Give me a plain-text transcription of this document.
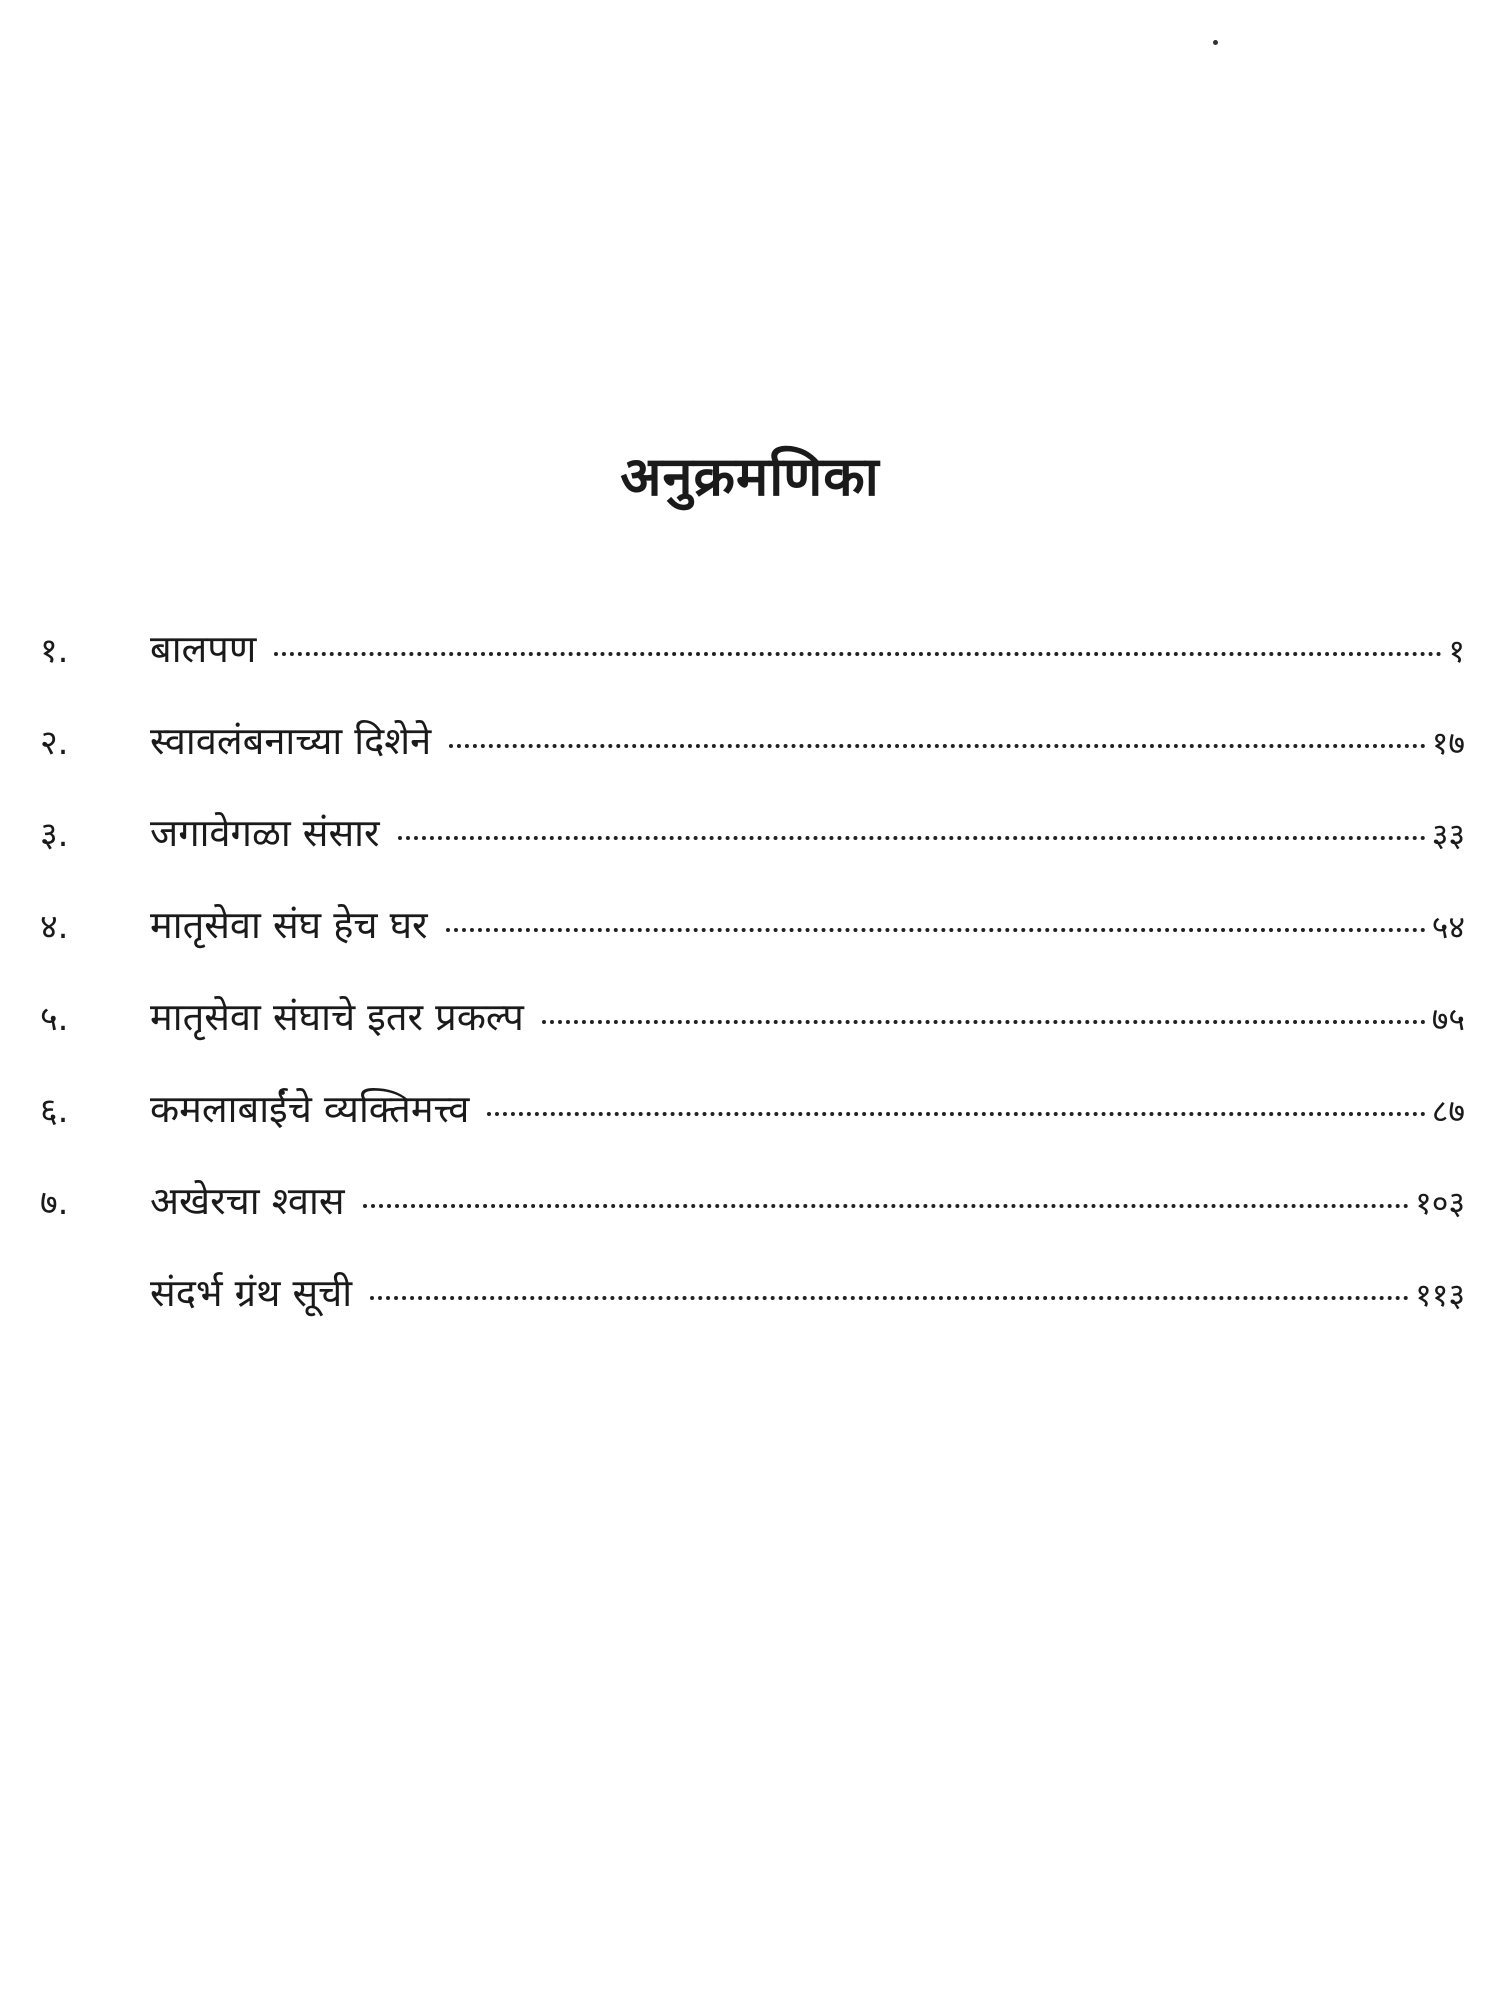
अनुक्रमणिका
१.	बालपण	१
२.	स्वावलंबनाच्या दिशेने	१७
३.	जगावेगळा संसार	३३
४.	मातृसेवा संघ हेच घर	५४
५.	मातृसेवा संघाचे इतर प्रकल्प	७५
६.	कमलाबाईंचे व्यक्तिमत्त्व	८७
७.	अखेरचा श्वास	१०३
संदर्भ ग्रंथ सूची	११३
